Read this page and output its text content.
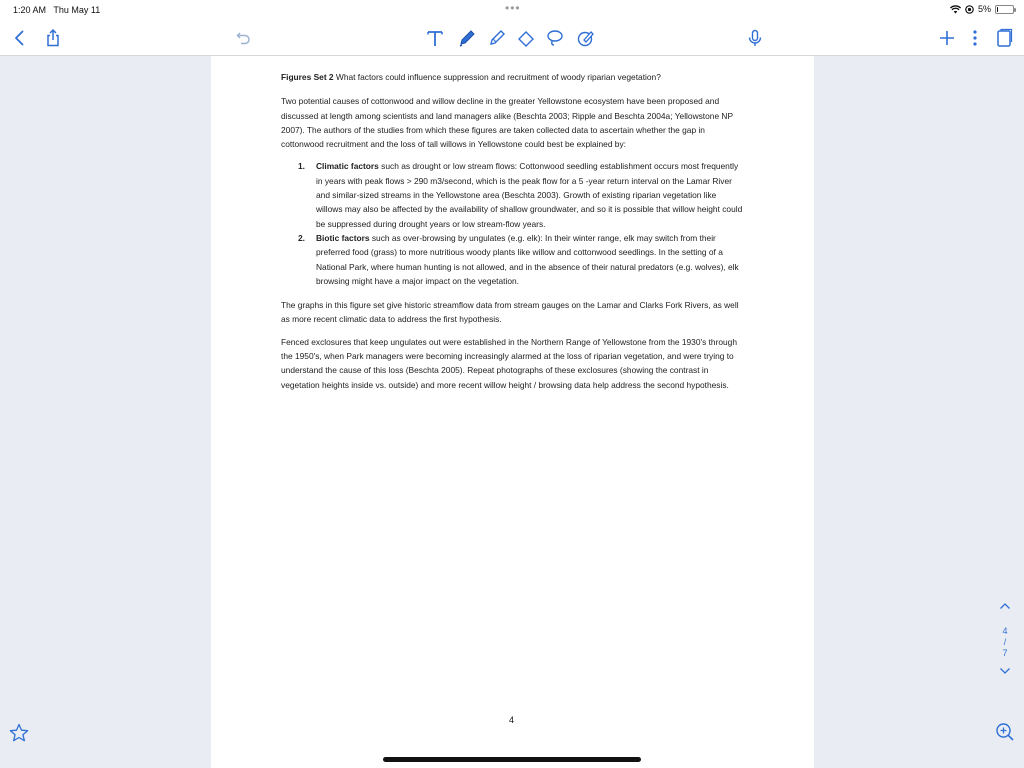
1:20 AM Thu May 11	•••	5%

Figures Set 2 What factors could influence suppression and recruitment of woody riparian vegetation?

Two potential causes of cottonwood and willow decline in the greater Yellowstone ecosystem have been proposed and discussed at length among scientists and land managers alike (Beschta 2003; Ripple and Beschta 2004a; Yellowstone NP 2007). The authors of the studies from which these figures are taken collected data to ascertain whether the gap in cottonwood recruitment and the loss of tall willows in Yellowstone could best be explained by:

1. Climatic factors such as drought or low stream flows: Cottonwood seedling establishment occurs most frequently in years with peak flows > 290 m3/second, which is the peak flow for a 5 -year return interval on the Lamar River and similar-sized streams in the Yellowstone area (Beschta 2003). Growth of existing riparian vegetation like willows may also be affected by the availability of shallow groundwater, and so it is possible that willow height could be suppressed during drought years or low stream-flow years.
2. Biotic factors such as over-browsing by ungulates (e.g. elk): In their winter range, elk may switch from their preferred food (grass) to more nutritious woody plants like willow and cottonwood seedlings. In the setting of a National Park, where human hunting is not allowed, and in the absence of their natural predators (e.g. wolves), elk browsing might have a major impact on the vegetation.

The graphs in this figure set give historic streamflow data from stream gauges on the Lamar and Clarks Fork Rivers, as well as more recent climatic data to address the first hypothesis.

Fenced exclosures that keep ungulates out were established in the Northern Range of Yellowstone from the 1930's through the 1950's, when Park managers were becoming increasingly alarmed at the loss of riparian vegetation, and were trying to understand the cause of this loss (Beschta 2005). Repeat photographs of these exclosures (showing the contrast in vegetation heights inside vs. outside) and more recent willow height / browsing data help address the second hypothesis.

4
4
/
7
